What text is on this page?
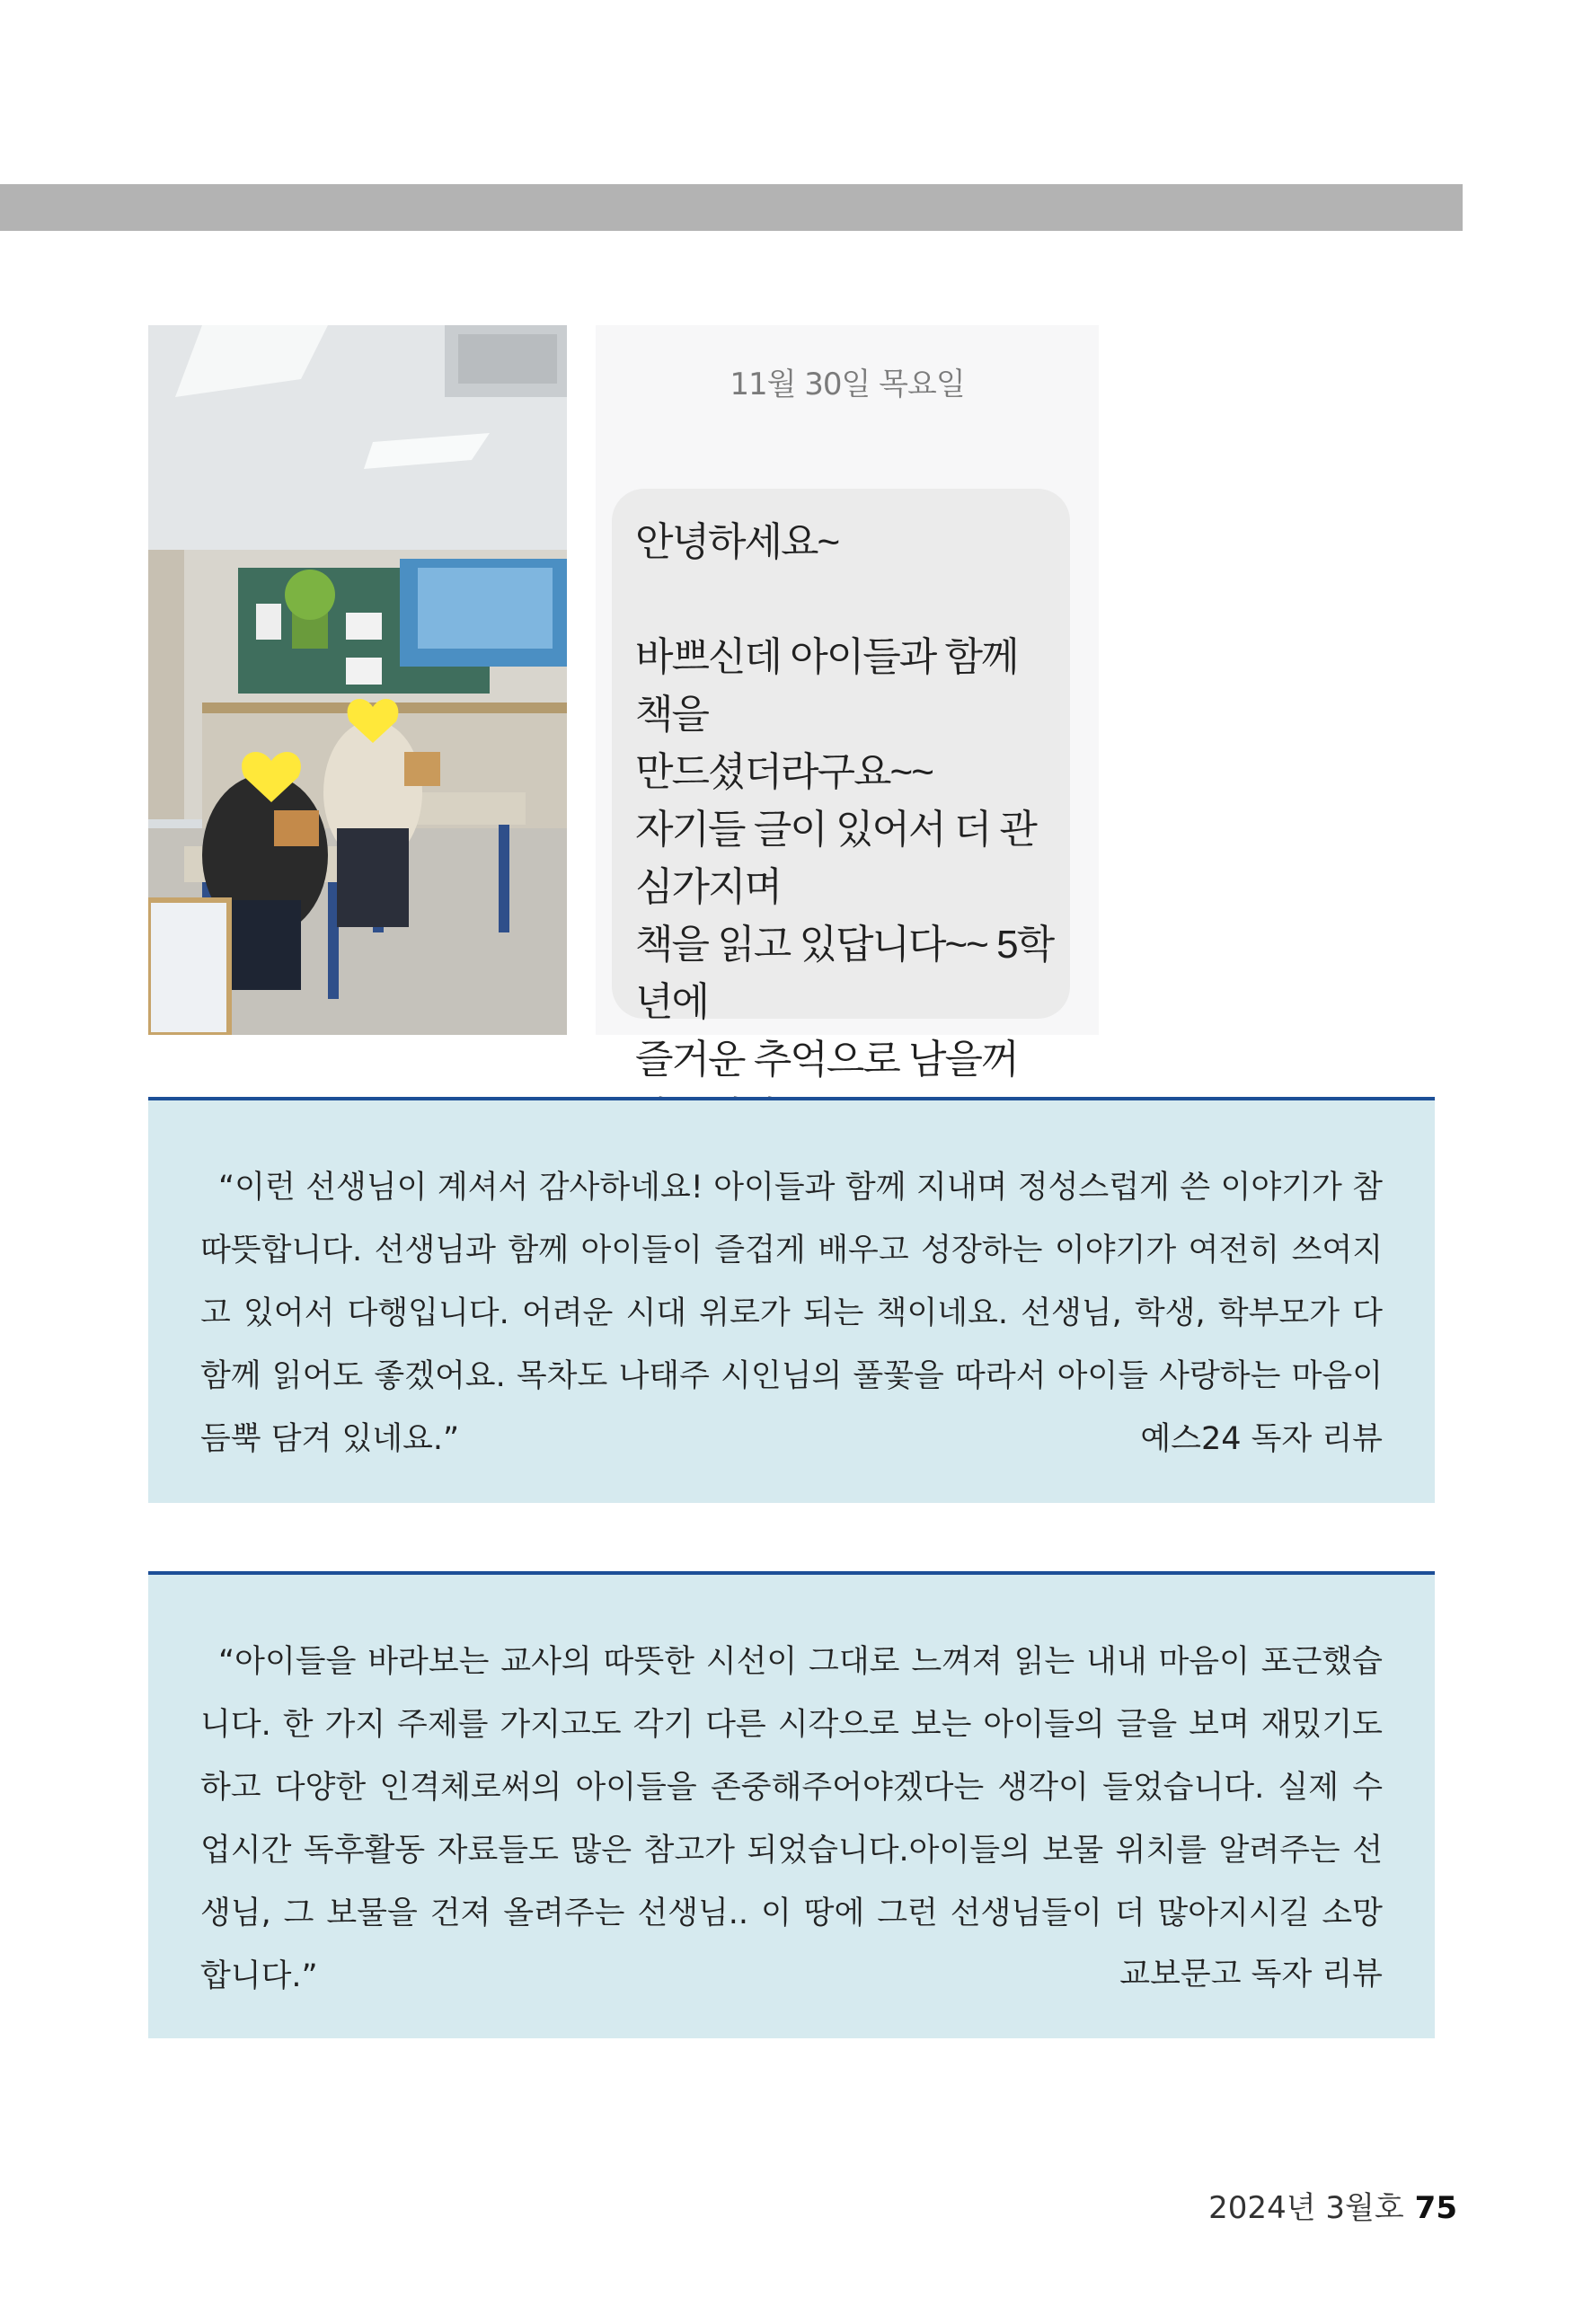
11월 30일 목요일
안녕하세요~

바쁘신데 아이들과 함께 책을
만드셨더라구요~~
자기들 글이 있어서 더 관심가지며
책을 읽고 있답니다~~ 5학년에
즐거운 추억으로 남을꺼
“이런 선생님이 계셔서 감사하네요! 아이들과 함께 지내며 정성스럽게 쓴 이야기가 참 따뜻합니다. 선생님과 함께 아이들이 즐겁게 배우고 성장하는 이야기가 여전히 쓰여지고 있어서 다행입니다. 어려운 시대 위로가 되는 책이네요. 선생님, 학생, 학부모가 다 함께 읽어도 좋겠어요. 목차도 나태주 시인님의 풀꽃을 따라서 아이들 사랑하는 마음이 듬뿍 담겨 있네요.”	예스24 독자 리뷰
“아이들을 바라보는 교사의 따뜻한 시선이 그대로 느껴져 읽는 내내 마음이 포근했습니다. 한 가지 주제를 가지고도 각기 다른 시각으로 보는 아이들의 글을 보며 재밌기도 하고 다양한 인격체로써의 아이들을 존중해주어야겠다는 생각이 들었습니다. 실제 수업시간 독후활동 자료들도 많은 참고가 되었습니다.아이들의 보물 위치를 알려주는 선생님, 그 보물을 건져 올려주는 선생님.. 이 땅에 그런 선생님들이 더 많아지시길 소망합니다.”	교보문고 독자 리뷰
2024년 3월호 75
